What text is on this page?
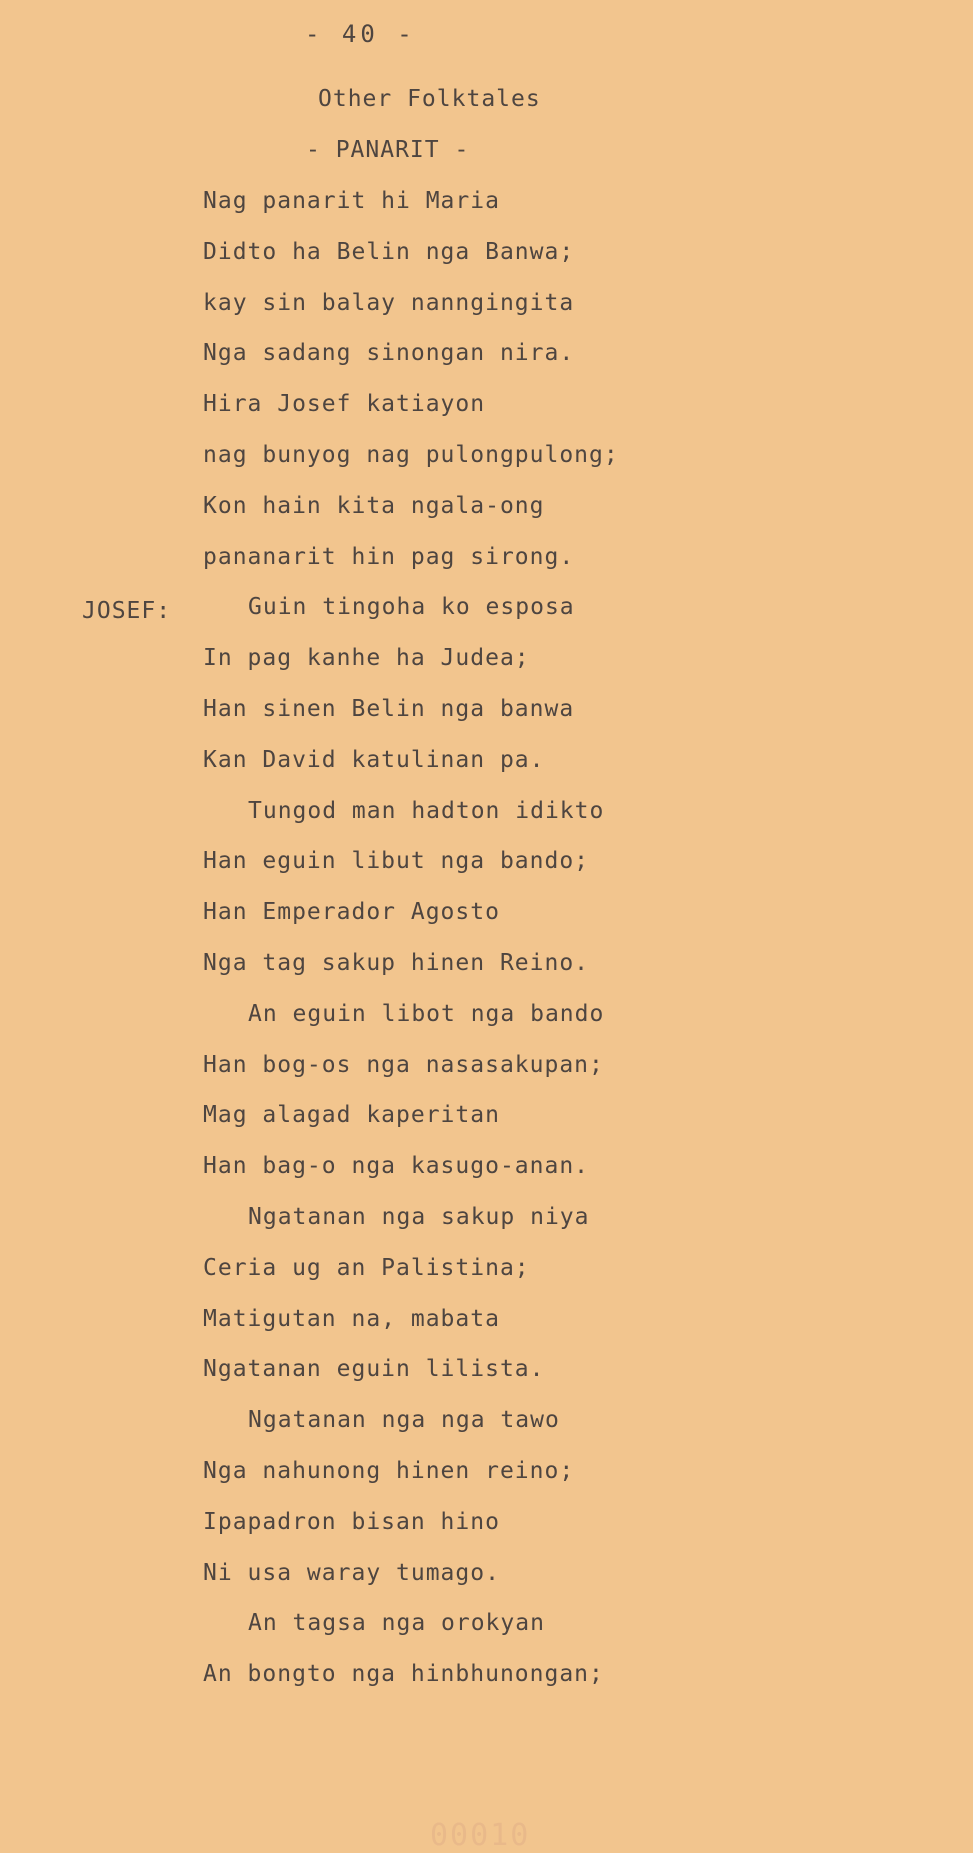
- 40 -
Other Folktales
- PANARIT -
JOSEF:
Nag panarit hi Maria
Didto ha Belin nga Banwa;
kay sin balay nanngingita
Nga sadang sinongan nira.
Hira Josef katiayon
nag bunyog nag pulongpulong;
Kon hain kita ngala-ong
pananarit hin pag sirong.
Guin tingoha ko esposa
In pag kanhe ha Judea;
Han sinen Belin nga banwa
Kan David katulinan pa.
Tungod man hadton idikto
Han eguin libut nga bando;
Han Emperador Agosto
Nga tag sakup hinen Reino.
An eguin libot nga bando
Han bog-os nga nasasakupan;
Mag alagad kaperitan
Han bag-o nga kasugo-anan.
Ngatanan nga sakup niya
Ceria ug an Palistina;
Matigutan na, mabata
Ngatanan eguin lilista.
Ngatanan nga nga tawo
Nga nahunong hinen reino;
Ipapadron bisan hino
Ni usa waray tumago.
An tagsa nga orokyan
An bongto nga hinbhunongan;
00010
